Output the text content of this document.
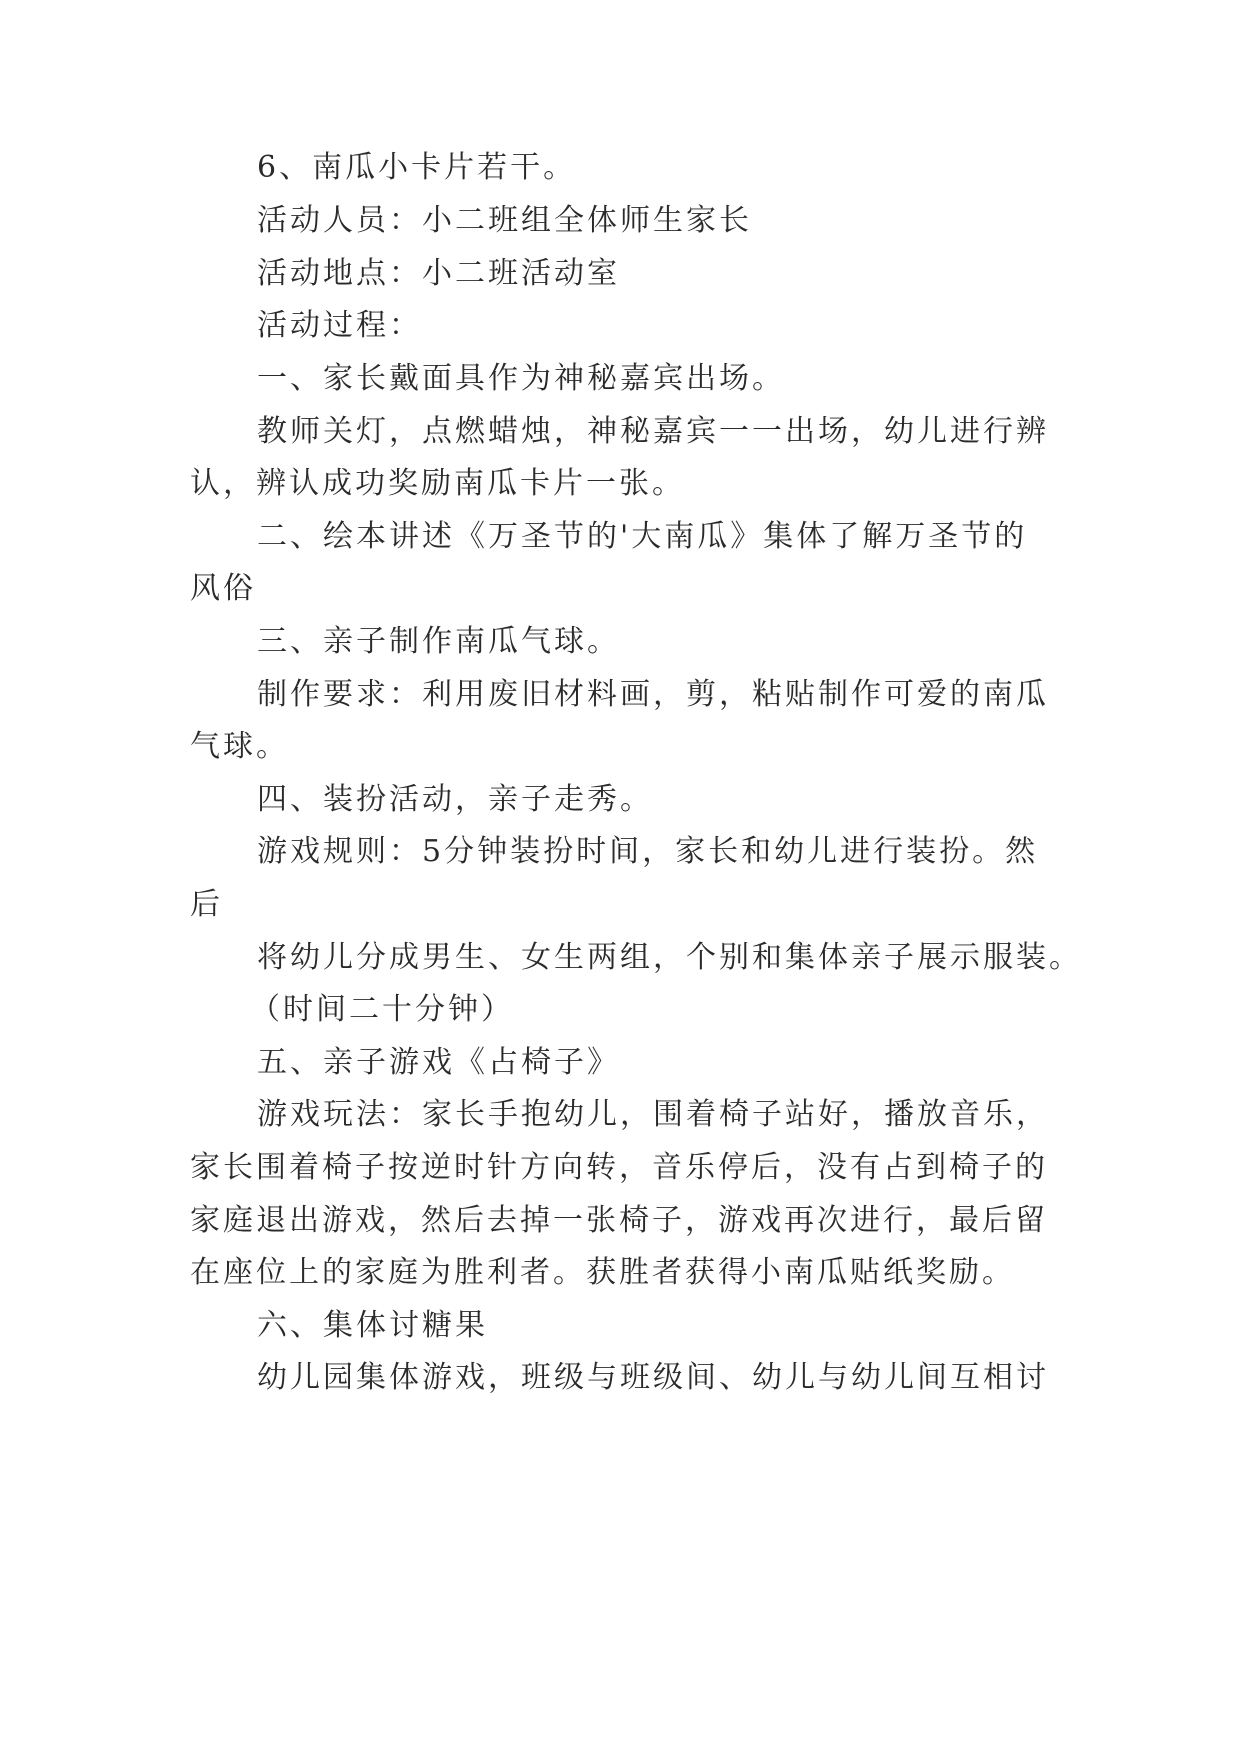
6、南瓜小卡片若干。

活动人员：小二班组全体师生家长

活动地点：小二班活动室

活动过程：

一、家长戴面具作为神秘嘉宾出场。

教师关灯，点燃蜡烛，神秘嘉宾一一出场，幼儿进行辨

认，辨认成功奖励南瓜卡片一张。

二、绘本讲述《万圣节的'大南瓜》集体了解万圣节的

风俗

三、亲子制作南瓜气球。

制作要求：利用废旧材料画，剪，粘贴制作可爱的南瓜

气球。

四、装扮活动，亲子走秀。

游戏规则：5分钟装扮时间，家长和幼儿进行装扮。然

后

将幼儿分成男生、女生两组，个别和集体亲子展示服装。

（时间二十分钟）

五、亲子游戏《占椅子》

游戏玩法：家长手抱幼儿，围着椅子站好，播放音乐，

家长围着椅子按逆时针方向转，音乐停后，没有占到椅子的

家庭退出游戏，然后去掉一张椅子，游戏再次进行，最后留

在座位上的家庭为胜利者。获胜者获得小南瓜贴纸奖励。

六、集体讨糖果

幼儿园集体游戏，班级与班级间、幼儿与幼儿间互相讨
